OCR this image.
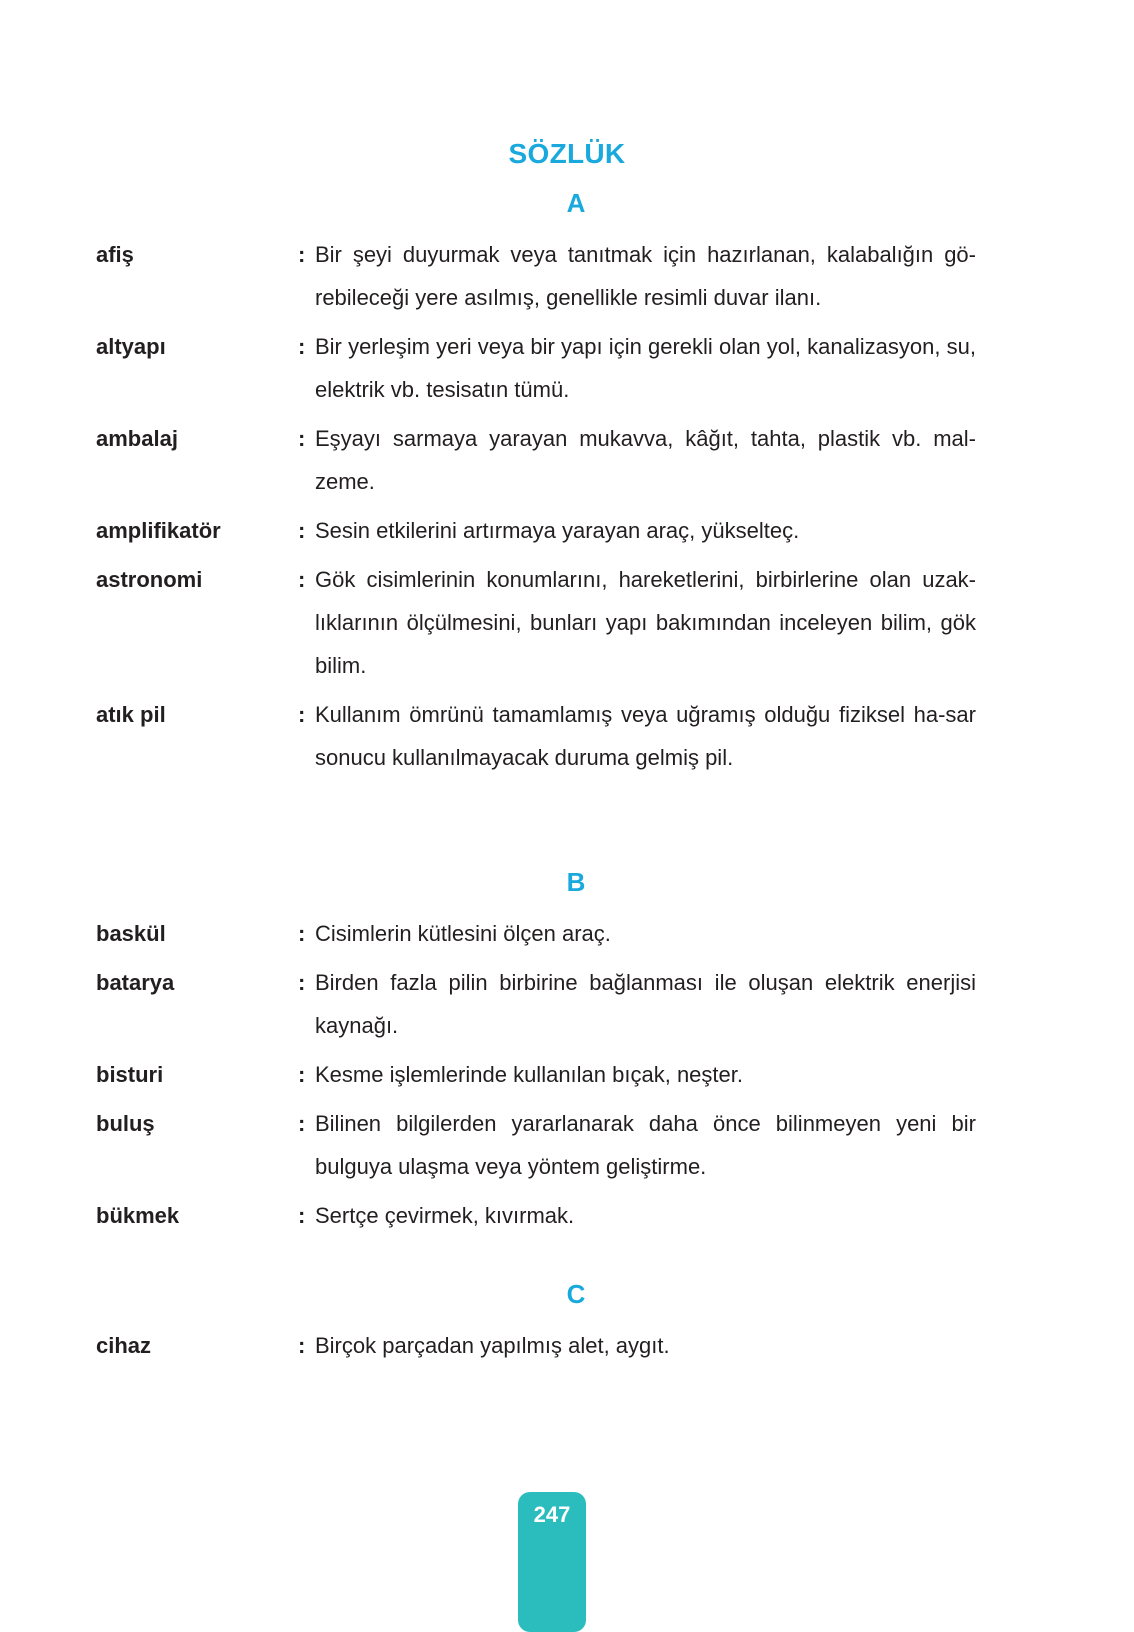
SÖZLÜK
A
afiş	: Bir şeyi duyurmak veya tanıtmak için hazırlanan, kalabalığın gö-rebileceği yere asılmış, genellikle resimli duvar ilanı.
altyapı	: Bir yerleşim yeri veya bir yapı için gerekli olan yol, kanalizasyon, su, elektrik vb. tesisatın tümü.
ambalaj	: Eşyayı sarmaya yarayan mukavva, kâğıt, tahta, plastik vb. mal-zeme.
amplifikatör	: Sesin etkilerini artırmaya yarayan araç, yükselteç.
astronomi	: Gök cisimlerinin konumlarını, hareketlerini, birbirlerine olan uzak-lıklarının ölçülmesini, bunları yapı bakımından inceleyen bilim, gök bilim.
atık pil	: Kullanım ömrünü tamamlamış veya uğramış olduğu fiziksel ha-sar sonucu kullanılmayacak duruma gelmiş pil.
B
baskül	: Cisimlerin kütlesini ölçen araç.
batarya	: Birden fazla pilin birbirine bağlanması ile oluşan elektrik enerjisi kaynağı.
bisturi	: Kesme işlemlerinde kullanılan bıçak, neşter.
buluş	: Bilinen bilgilerden yararlanarak daha önce bilinmeyen yeni bir bulguya ulaşma veya yöntem geliştirme.
bükmek	: Sertçe çevirmek, kıvırmak.
C
cihaz	: Birçok parçadan yapılmış alet, aygıt.
247
